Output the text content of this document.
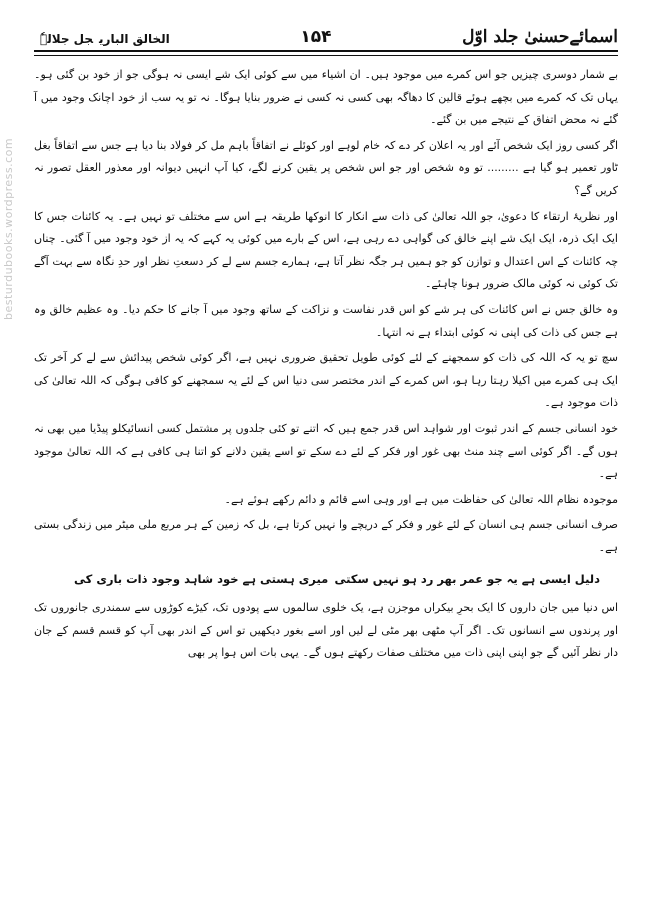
besturdubooks.wordpress.com
اسمائےحسنیٰ جلد اوّل
۱۵۴
الخالق الباریجل جلالہٗ

بے شمار دوسری چیزیں جو اس کمرے میں موجود ہیں۔ ان اشیاء میں سے کوئی ایک شے ایسی نہ ہوگی جو از خود بن گئی ہو۔ یہاں تک کہ کمرے میں بچھے ہوئے قالین کا دھاگہ بھی کسی نہ کسی نے ضرور بنایا ہوگا۔ نہ تو یہ سب از خود اچانک وجود میں آ گئے نہ محض اتفاق کے نتیجے میں بن گئے۔

اگر کسی روز ایک شخص آئے اور یہ اعلان کر دے کہ خام لوہے اور کوئلے نے اتفاقاً باہم مل کر فولاد بنا دیا ہے جس سے اتفاقاً بغل ٹاور تعمیر ہو گیا ہے ......... تو وہ شخص اور جو اس شخص پر یقین کرنے لگے، کیا آپ انہیں دیوانہ اور معذور العقل تصور نہ کریں گے؟

اور نظریۂ ارتقاء کا دعویٰ، جو اللہ تعالیٰ کی ذات سے انکار کا انوکھا طریقہ ہے اس سے مختلف تو نہیں ہے۔ یہ کائنات جس کا ایک ایک ذرہ، ایک ایک شے اپنے خالق کی گواہی دے رہی ہے، اس کے بارے میں کوئی یہ کہے کہ یہ از خود وجود میں آ گئی۔ چناں چہ کائنات کے اس اعتدال و توازن کو جو ہمیں ہر جگہ نظر آتا ہے، ہمارے جسم سے لے کر دسعتِ نظر اور حدِ نگاہ سے بہت آگے تک کوئی نہ کوئی مالک ضرور ہونا چاہئے۔

وہ خالق جس نے اس کائنات کی ہر شے کو اس قدر نفاست و نزاکت کے ساتھ وجود میں آ جانے کا حکم دیا۔ وہ عظیم خالق وہ ہے جس کی ذات کی اپنی نہ کوئی ابتداء ہے نہ انتہا۔

سچ تو یہ کہ اللہ کی ذات کو سمجھنے کے لئے کوئی طویل تحقیق ضروری نہیں ہے، اگر کوئی شخص پیدائش سے لے کر آخر تک ایک ہی کمرے میں اکیلا رہتا رہا ہو، اس کمرے کے اندر مختصر سی دنیا اس کے لئے یہ سمجھنے کو کافی ہوگی کہ اللہ تعالیٰ کی ذات موجود ہے۔

خود انسانی جسم کے اندر ثبوت اور شواہد اس قدر جمع ہیں کہ اتنے تو کئی جلدوں پر مشتمل کسی انسائیکلو پیڈیا میں بھی نہ ہوں گے۔ اگر کوئی اسے چند منٹ بھی غور اور فکر کے لئے دے سکے تو اسے یقین دلانے کو اتنا ہی کافی ہے کہ اللہ تعالیٰ موجود ہے۔

موجودہ نظام اللہ تعالیٰ کی حفاظت میں ہے اور وہی اسے قائم و دائم رکھے ہوئے ہے۔

صرف انسانی جسم ہی انسان کے لئے غور و فکر کے دریچے وا نہیں کرتا ہے، بل کہ زمین کے ہر مربع ملی میٹر میں زندگی بستی ہے۔

دلیل ایسی ہے یہ جو عمر بھر رد ہو نہیں سکتی
میری ہستی ہے خود شاہد وجود ذات باری کی

اس دنیا میں جان داروں کا ایک بحرِ بیکراں موجزن ہے، یک خلوی سالموں سے پودوں تک، کیڑے کوڑوں سے سمندری جانوروں تک اور پرندوں سے انسانوں تک۔ اگر آپ مٹھی بھر مٹی لے لیں اور اسے بغور دیکھیں تو اس کے اندر بھی آپ کو قسم قسم کے جان دار نظر آئیں گے جو اپنی اپنی ذات میں مختلف صفات رکھتے ہوں گے۔ یہی بات اس ہوا پر بھی
